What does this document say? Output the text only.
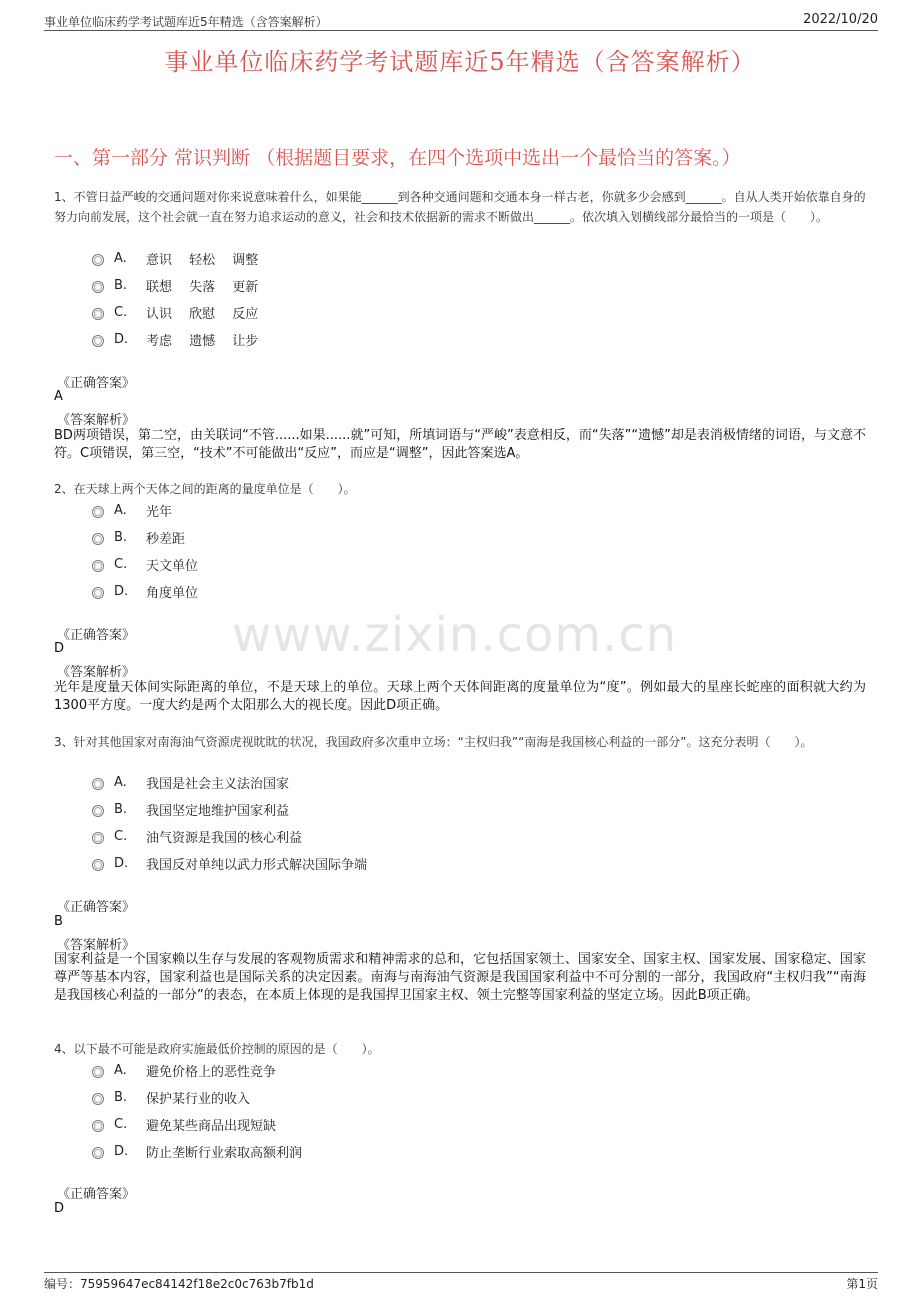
事业单位临床药学考试题库近5年精选（含答案解析）	2022/10/20
事业单位临床药学考试题库近5年精选（含答案解析）
一、第一部分 常识判断 （根据题目要求，在四个选项中选出一个最恰当的答案。）
www.zixin.com.cn
1、不管日益严峻的交通问题对你来说意味着什么，如果能______到各种交通问题和交通本身一样古老，你就多少会感到______。自从人类开始依靠自身的努力向前发展，这个社会就一直在努力追求运动的意义，社会和技术依据新的需求不断做出______。依次填入划横线部分最恰当的一项是（　　）。
A.	意识　 轻松　 调整
B.	联想　 失落　 更新
C.	认识　 欣慰　 反应
D.	考虑　 遗憾　 让步
《正确答案》
A
《答案解析》
BD两项错误，第二空，由关联词“不管......如果......就”可知，所填词语与“严峻”表意相反，而“失落”“遗憾”却是表消极情绪的词语，与文意不符。C项错误，第三空，“技术”不可能做出“反应”，而应是“调整”，因此答案选A。
2、在天球上两个天体之间的距离的量度单位是（　　）。
A.	光年
B.	秒差距
C.	天文单位
D.	角度单位
《正确答案》
D
《答案解析》
光年是度量天体间实际距离的单位，不是天球上的单位。天球上两个天体间距离的度量单位为“度”。例如最大的星座长蛇座的面积就大约为1300平方度。一度大约是两个太阳那么大的视长度。因此D项正确。
3、针对其他国家对南海油气资源虎视眈眈的状况，我国政府多次重申立场：“主权归我”“南海是我国核心利益的一部分”。这充分表明（　　）。
A.	我国是社会主义法治国家
B.	我国坚定地维护国家利益
C.	油气资源是我国的核心利益
D.	我国反对单纯以武力形式解决国际争端
《正确答案》
B
《答案解析》
国家利益是一个国家赖以生存与发展的客观物质需求和精神需求的总和，它包括国家领土、国家安全、国家主权、国家发展、国家稳定、国家尊严等基本内容，国家利益也是国际关系的决定因素。南海与南海油气资源是我国国家利益中不可分割的一部分，我国政府“主权归我”“南海是我国核心利益的一部分”的表态，在本质上体现的是我国捍卫国家主权、领土完整等国家利益的坚定立场。因此B项正确。
4、以下最不可能是政府实施最低价控制的原因的是（　　）。
A.	避免价格上的恶性竞争
B.	保护某行业的收入
C.	避免某些商品出现短缺
D.	防止垄断行业索取高额利润
《正确答案》
D
编号：75959647ec84142f18e2c0c763b7fb1d	第1页
